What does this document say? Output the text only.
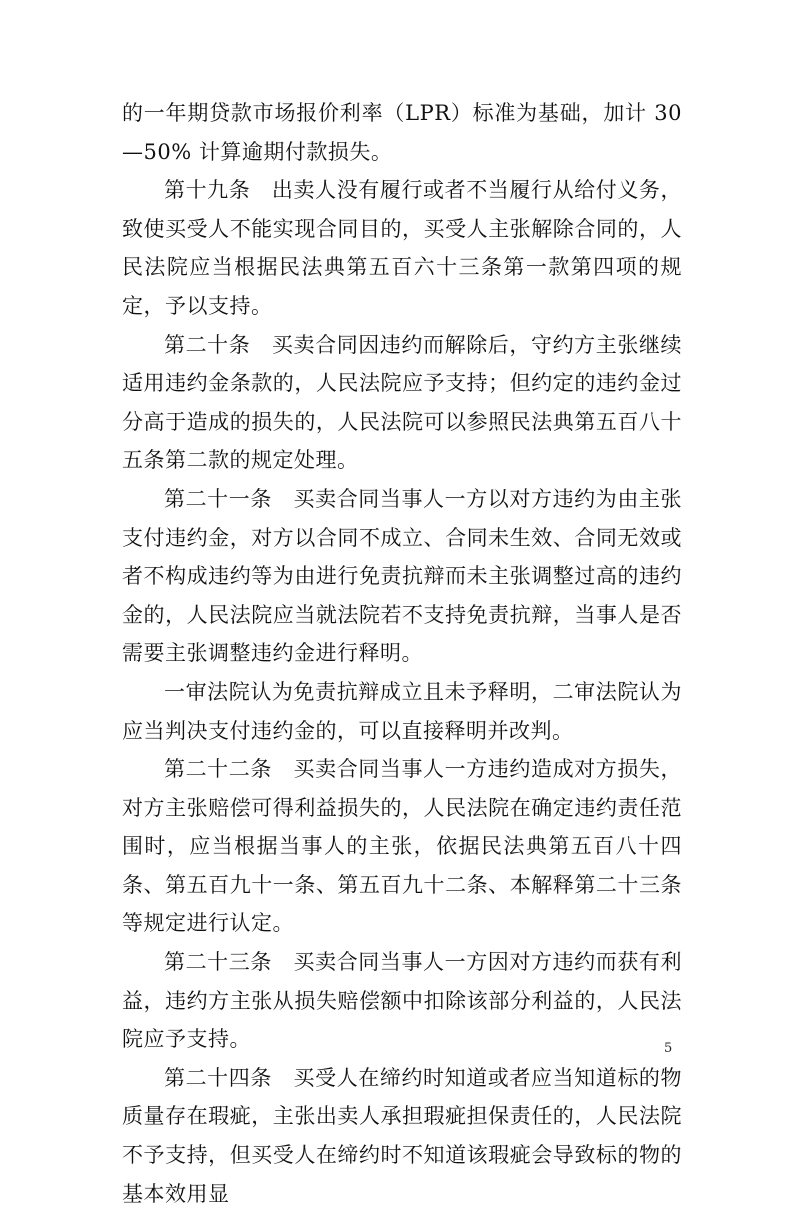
的一年期贷款市场报价利率（LPR）标准为基础，加计 30—50% 计算逾期付款损失。

第十九条　出卖人没有履行或者不当履行从给付义务，致使买受人不能实现合同目的，买受人主张解除合同的，人民法院应当根据民法典第五百六十三条第一款第四项的规定，予以支持。

第二十条　买卖合同因违约而解除后，守约方主张继续适用违约金条款的，人民法院应予支持；但约定的违约金过分高于造成的损失的，人民法院可以参照民法典第五百八十五条第二款的规定处理。

第二十一条　买卖合同当事人一方以对方违约为由主张支付违约金，对方以合同不成立、合同未生效、合同无效或者不构成违约等为由进行免责抗辩而未主张调整过高的违约金的，人民法院应当就法院若不支持免责抗辩，当事人是否需要主张调整违约金进行释明。

一审法院认为免责抗辩成立且未予释明，二审法院认为应当判决支付违约金的，可以直接释明并改判。

第二十二条　买卖合同当事人一方违约造成对方损失，对方主张赔偿可得利益损失的，人民法院在确定违约责任范围时，应当根据当事人的主张，依据民法典第五百八十四条、第五百九十一条、第五百九十二条、本解释第二十三条等规定进行认定。

第二十三条　买卖合同当事人一方因对方违约而获有利益，违约方主张从损失赔偿额中扣除该部分利益的，人民法院应予支持。

第二十四条　买受人在缔约时知道或者应当知道标的物质量存在瑕疵，主张出卖人承担瑕疵担保责任的，人民法院不予支持，但买受人在缔约时不知道该瑕疵会导致标的物的基本效用显

5
